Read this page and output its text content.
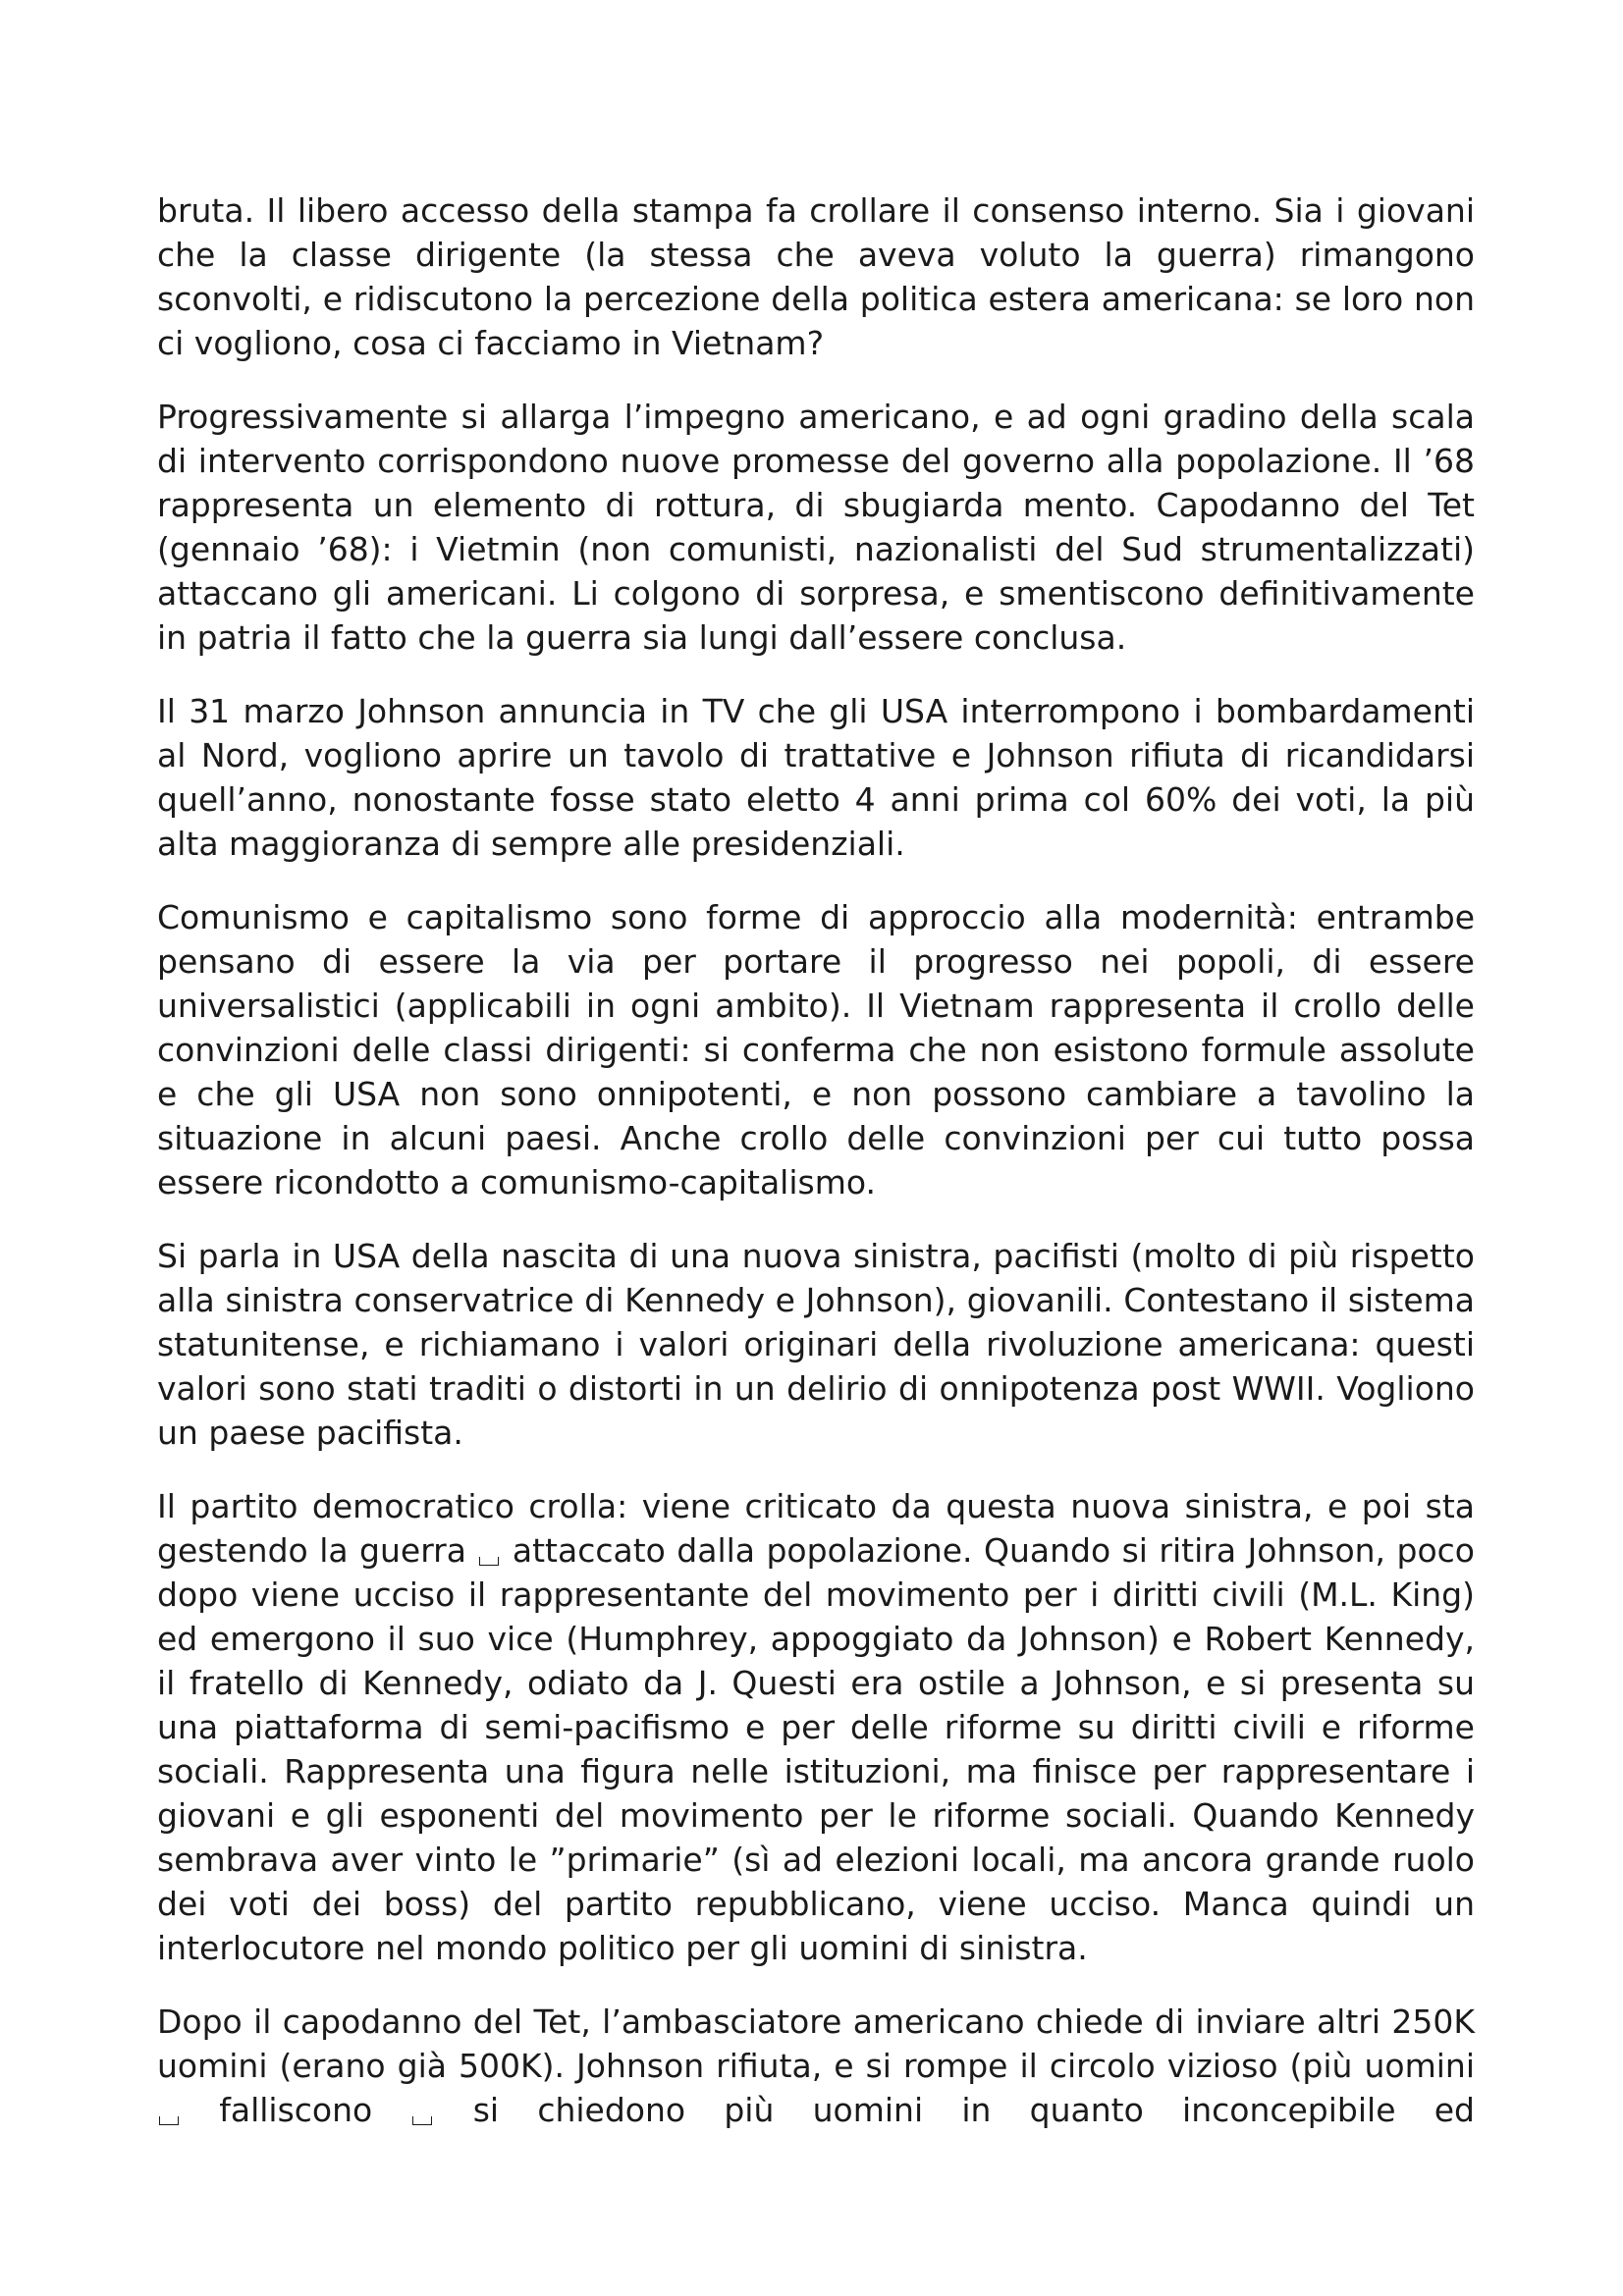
bruta. Il libero accesso della stampa fa crollare il consenso interno. Sia i giovani che la classe dirigente (la stessa che aveva voluto la guerra) rimangono sconvolti, e ridiscutono la percezione della politica estera americana: se loro non ci vogliono, cosa ci facciamo in Vietnam?

Progressivamente si allarga l’impegno americano, e ad ogni gradino della scala di intervento corrispondono nuove promesse del governo alla popolazione. Il ’68 rappresenta un elemento di rottura, di sbugiarda mento. Capodanno del Tet (gennaio ’68): i Vietmin (non comunisti, nazionalisti del Sud strumentalizzati) attaccano gli americani. Li colgono di sorpresa, e smentiscono definitivamente in patria il fatto che la guerra sia lungi dall’essere conclusa.

Il 31 marzo Johnson annuncia in TV che gli USA interrompono i bombardamenti al Nord, vogliono aprire un tavolo di trattative e Johnson rifiuta di ricandidarsi quell’anno, nonostante fosse stato eletto 4 anni prima col 60% dei voti, la più alta maggioranza di sempre alle presidenziali.

Comunismo e capitalismo sono forme di approccio alla modernità: entrambe pensano di essere la via per portare il progresso nei popoli, di essere universalistici (applicabili in ogni ambito). Il Vietnam rappresenta il crollo delle convinzioni delle classi dirigenti: si conferma che non esistono formule assolute e che gli USA non sono onnipotenti, e non possono cambiare a tavolino la situazione in alcuni paesi. Anche crollo delle convinzioni per cui tutto possa essere ricondotto a comunismo-capitalismo.

Si parla in USA della nascita di una nuova sinistra, pacifisti (molto di più rispetto alla sinistra conservatrice di Kennedy e Johnson), giovanili. Contestano il sistema statunitense, e richiamano i valori originari della rivoluzione americana: questi valori sono stati traditi o distorti in un delirio di onnipotenza post WWII. Vogliono un paese pacifista.

Il partito democratico crolla: viene criticato da questa nuova sinistra, e poi sta gestendo la guerra attaccato dalla popolazione. Quando si ritira Johnson, poco dopo viene ucciso il rappresentante del movimento per i diritti civili (M.L. King) ed emergono il suo vice (Humphrey, appoggiato da Johnson) e Robert Kennedy, il fratello di Kennedy, odiato da J. Questi era ostile a Johnson, e si presenta su una piattaforma di semi-pacifismo e per delle riforme su diritti civili e riforme sociali. Rappresenta una figura nelle istituzioni, ma finisce per rappresentare i giovani e gli esponenti del movimento per le riforme sociali. Quando Kennedy sembrava aver vinto le ”primarie” (sì ad elezioni locali, ma ancora grande ruolo dei voti dei boss) del partito repubblicano, viene ucciso. Manca quindi un interlocutore nel mondo politico per gli uomini di sinistra.

Dopo il capodanno del Tet, l’ambasciatore americano chiede di inviare altri 250K uomini (erano già 500K). Johnson rifiuta, e si rompe il circolo vizioso (più uomini  falliscono	si chiedono più uomini in quanto inconcepibile ed
